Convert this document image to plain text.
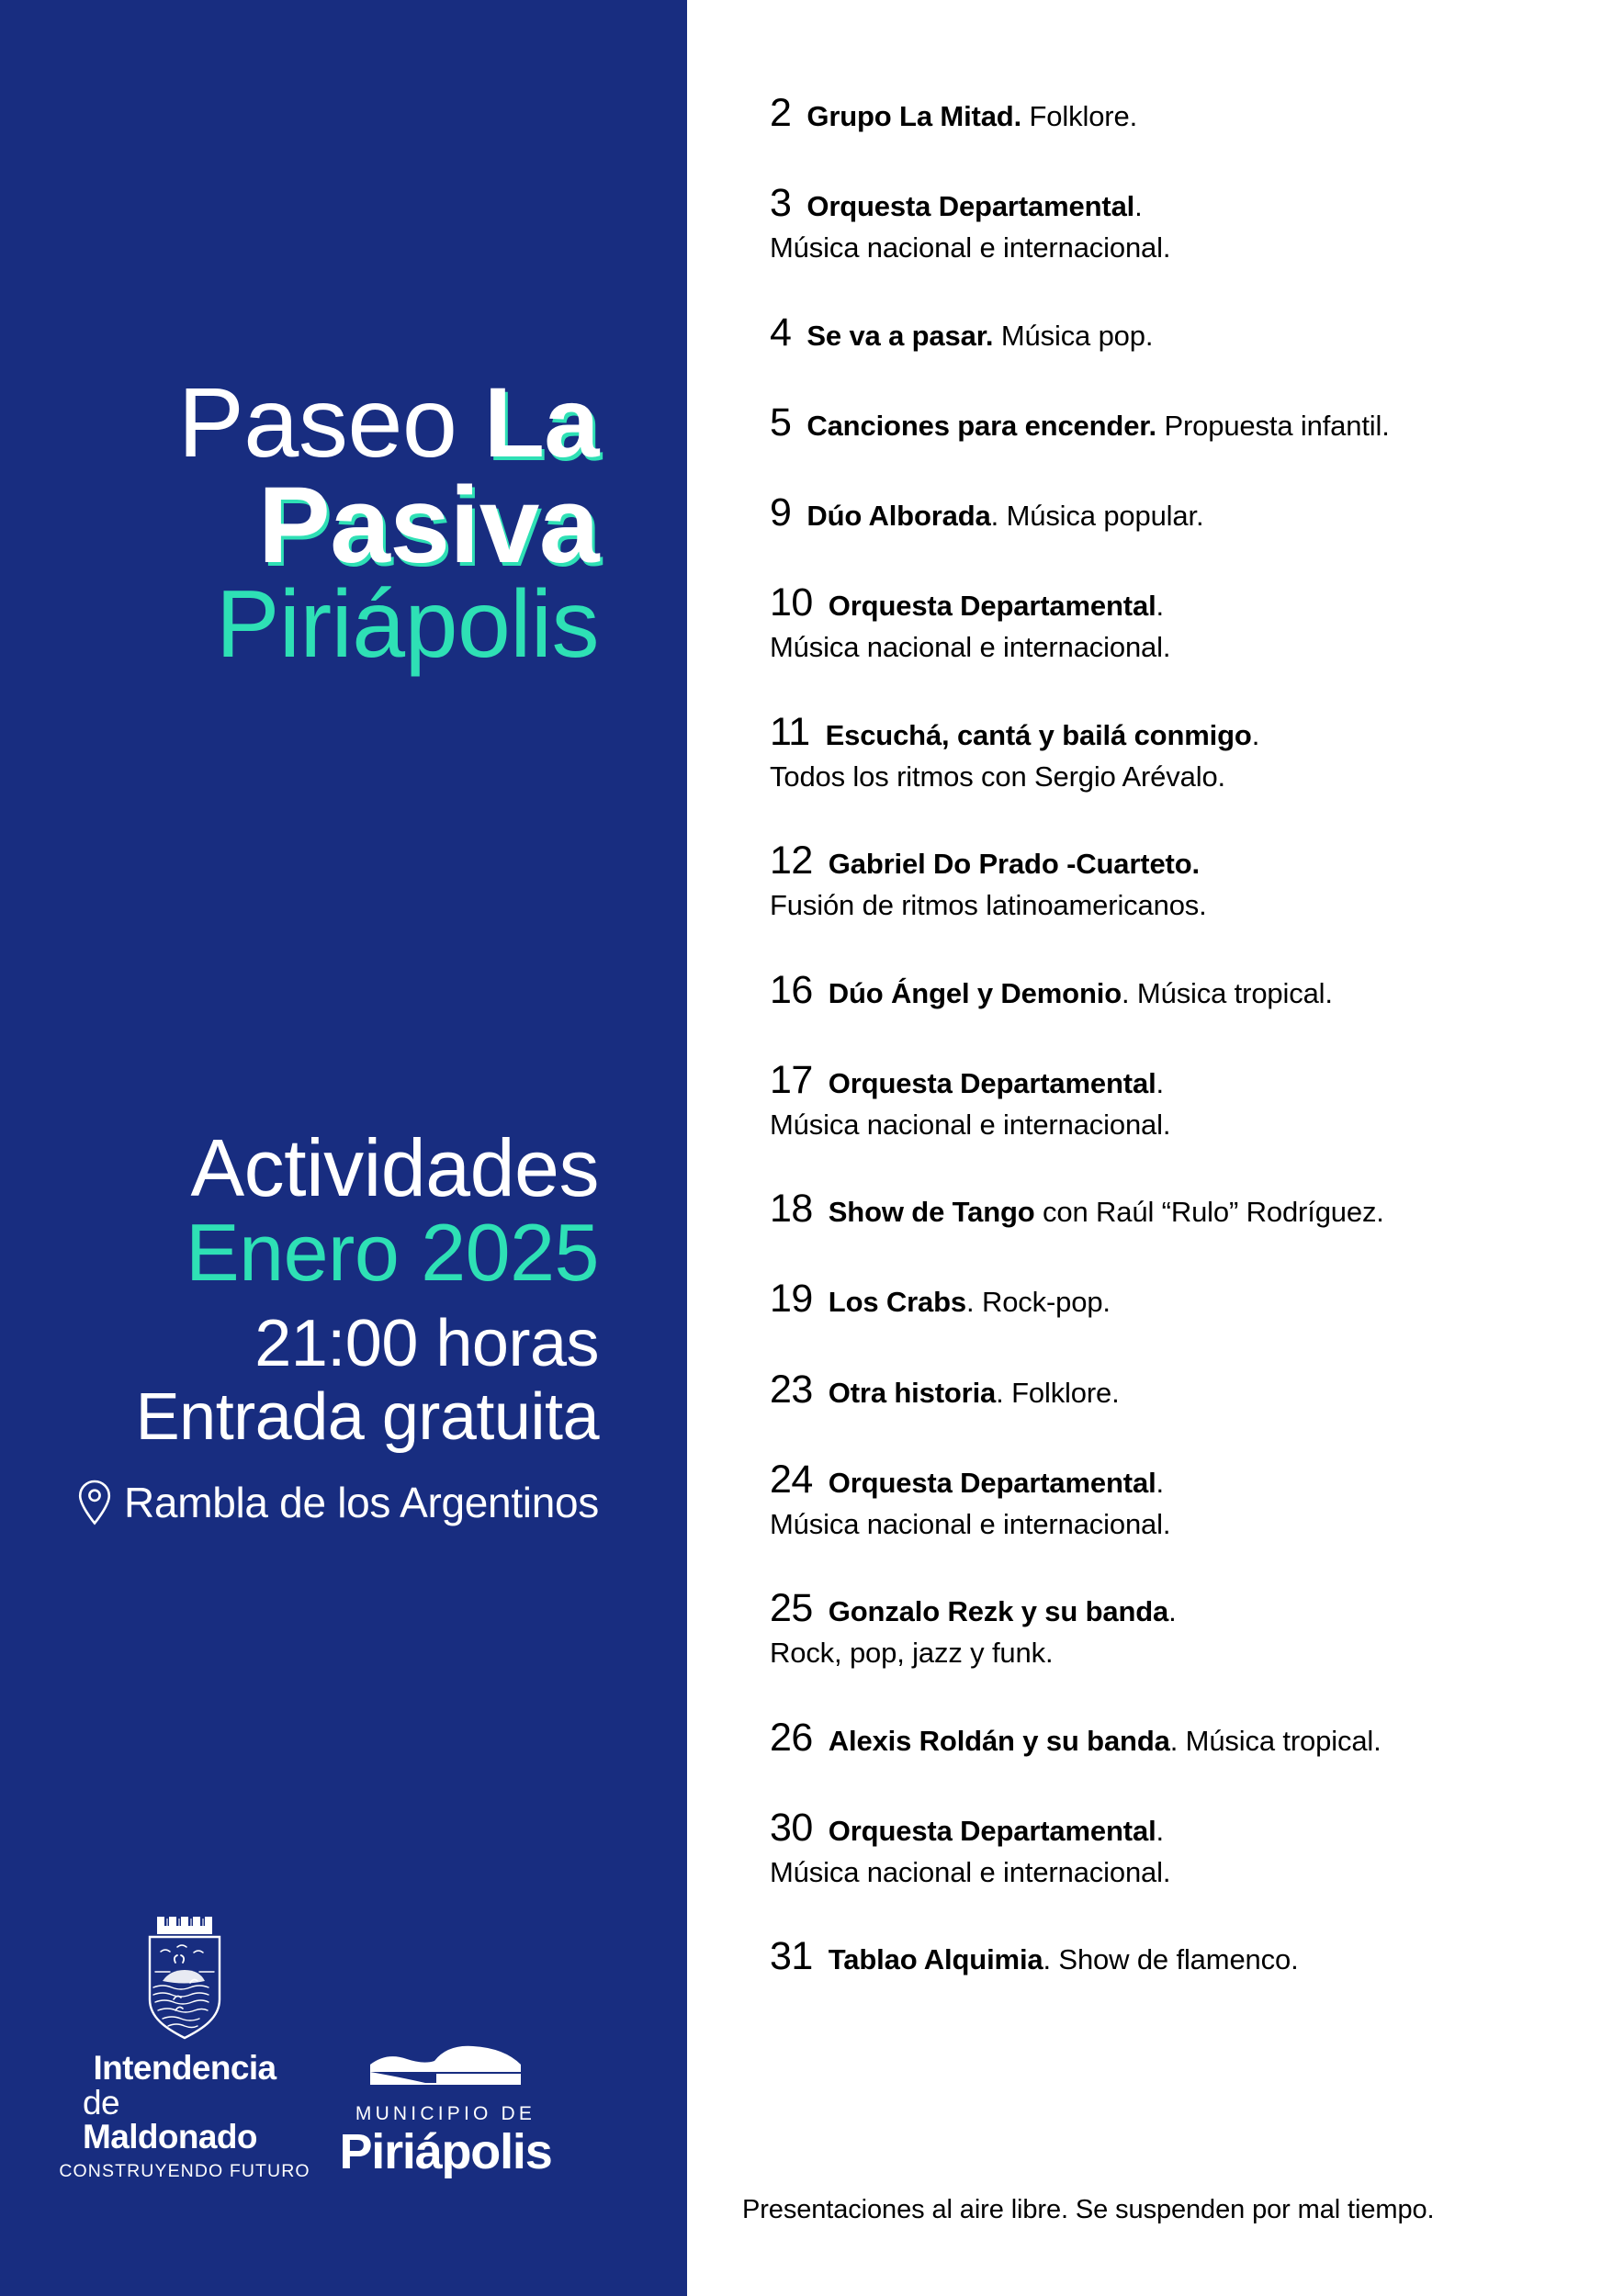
Paseo La
Pasiva
Piriápolis
Actividades
Enero 2025
21:00 horas
Entrada gratuita
Rambla de los Argentinos
Intendencia
de Maldonado
CONSTRUYENDO FUTURO
MUNICIPIO DE
Piriápolis
2 Grupo La Mitad. Folklore.
3 Orquesta Departamental.
Música nacional e internacional.
4 Se va a pasar. Música pop.
5 Canciones para encender. Propuesta infantil.
9 Dúo Alborada. Música popular.
10 Orquesta Departamental.
Música nacional e internacional.
11 Escuchá, cantá y bailá conmigo.
Todos los ritmos con Sergio Arévalo.
12 Gabriel Do Prado -Cuarteto.
Fusión de ritmos latinoamericanos.
16 Dúo Ángel y Demonio. Música tropical.
17 Orquesta Departamental.
Música nacional e internacional.
18 Show de Tango con Raúl “Rulo” Rodríguez.
19 Los Crabs. Rock-pop.
23 Otra historia. Folklore.
24 Orquesta Departamental.
Música nacional e internacional.
25 Gonzalo Rezk y su banda.
Rock, pop, jazz y funk.
26 Alexis Roldán y su banda. Música tropical.
30 Orquesta Departamental.
Música nacional e internacional.
31 Tablao Alquimia. Show de flamenco.
Presentaciones al aire libre. Se suspenden por mal tiempo.
